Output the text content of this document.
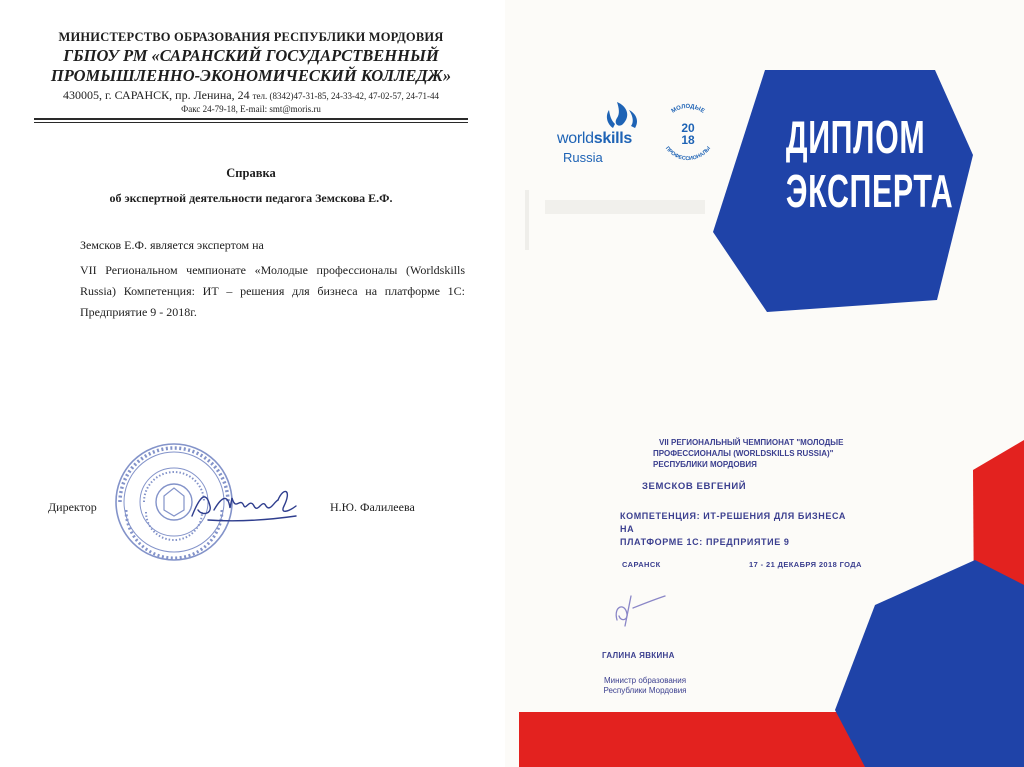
МИНИСТЕРСТВО ОБРАЗОВАНИЯ РЕСПУБЛИКИ МОРДОВИЯ
ГБПОУ РМ «САРАНСКИЙ ГОСУДАРСТВЕННЫЙ
ПРОМЫШЛЕННО-ЭКОНОМИЧЕСКИЙ КОЛЛЕДЖ»
430005, г. САРАНСК, пр. Ленина, 24 тел. (8342)47-31-85, 24-33-42, 47-02-57, 24-71-44
Факс 24-79-18, E-mail: smt@moris.ru
Справка
об экспертной деятельности педагога Земскова Е.Ф.
Земсков Е.Ф. является экспертом на
VII Региональном чемпионате «Молодые профессионалы (Worldskills Russia) Компетенция: ИТ – решения для бизнеса на платформе 1С: Предприятие 9 - 2018г.
Директор	Н.Ю. Фалилеева
worldskills
Russia
МОЛОДЫЕ
ПРОФЕССИОНАЛЫ
20
18 ДИПЛОМ
ЭКСПЕРТА
VII РЕГИОНАЛЬНЫЙ ЧЕМПИОНАТ "МОЛОДЫЕ
ПРОФЕССИОНАЛЫ (WORLDSKILLS RUSSIA)"
РЕСПУБЛИКИ МОРДОВИЯ
ЗЕМСКОВ ЕВГЕНИЙ
КОМПЕТЕНЦИЯ: ИТ-РЕШЕНИЯ ДЛЯ БИЗНЕСА НА
ПЛАТФОРМЕ 1С: ПРЕДПРИЯТИЕ 9
САРАНСК	17 - 21 ДЕКАБРЯ 2018 ГОДА
ГАЛИНА ЯВКИНА
Министр образования
Республики Мордовия
